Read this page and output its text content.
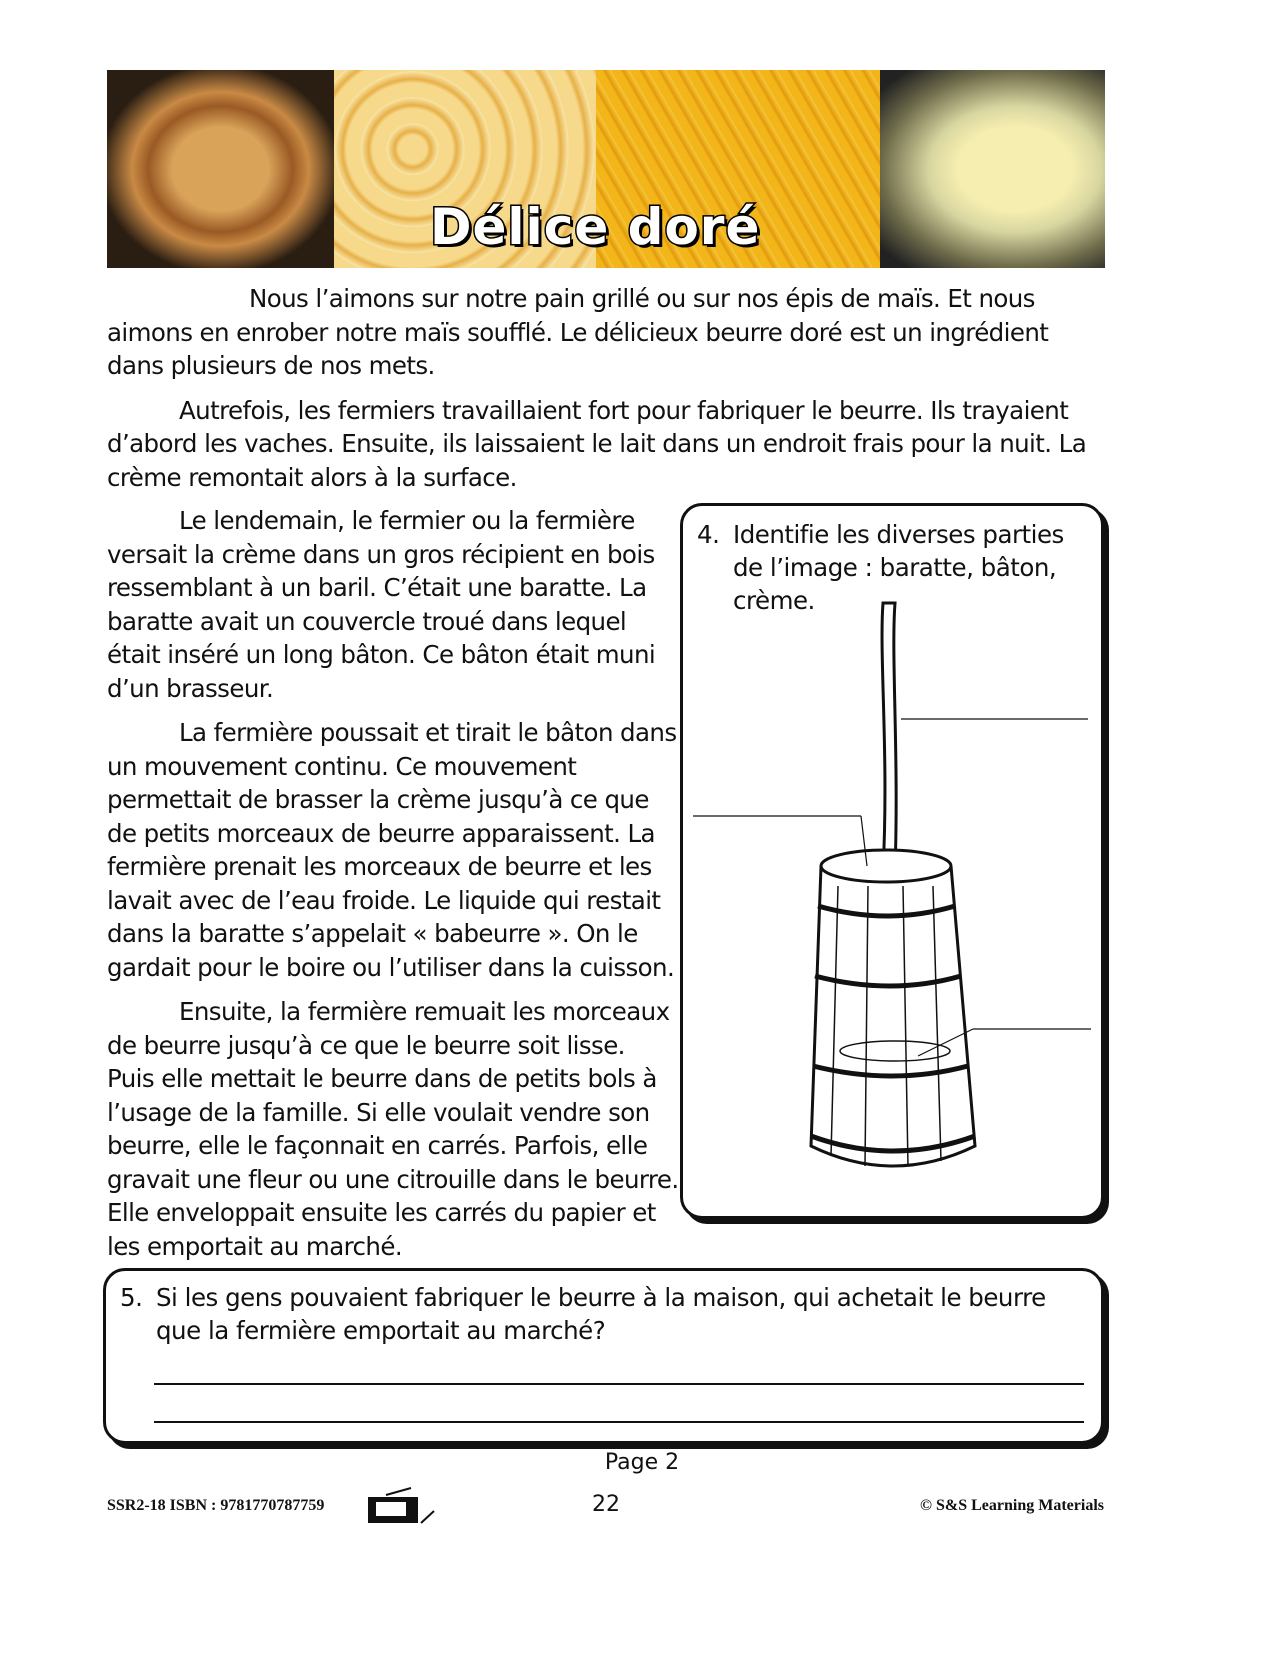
Délice doré

Nous l’aimons sur notre pain grillé ou sur nos épis de maïs. Et nous aimons en enrober notre maïs soufflé. Le délicieux beurre doré est un ingrédient dans plusieurs de nos mets.

Autrefois, les fermiers travaillaient fort pour fabriquer le beurre. Ils trayaient d’abord les vaches. Ensuite, ils laissaient le lait dans un endroit frais pour la nuit. La crème remontait alors à la surface.

Le lendemain, le fermier ou la fermière versait la crème dans un gros récipient en bois ressemblant à un baril. C’était une baratte. La baratte avait un couvercle troué dans lequel était inséré un long bâton. Ce bâton était muni d’un brasseur.

La fermière poussait et tirait le bâton dans un mouvement continu. Ce mouvement permettait de brasser la crème jusqu’à ce que de petits morceaux de beurre apparaissent. La fermière prenait les morceaux de beurre et les lavait avec de l’eau froide. Le liquide qui restait dans la baratte s’appelait « babeurre ». On le gardait pour le boire ou l’utiliser dans la cuisson.

Ensuite, la fermière remuait les morceaux de beurre jusqu’à ce que le beurre soit lisse. Puis elle mettait le beurre dans de petits bols à l’usage de la famille. Si elle voulait vendre son beurre, elle le façonnait en carrés. Parfois, elle gravait une fleur ou une citrouille dans le beurre. Elle enveloppait ensuite les carrés du papier et les emportait au marché.

4. Identifie les diverses parties de l’image : baratte, bâton, crème.
5. Si les gens pouvaient fabriquer le beurre à la maison, qui achetait le beurre que la fermière emportait au marché?
Page 2
SSR2-18 ISBN : 9781770787759	22	© S&S Learning Materials
